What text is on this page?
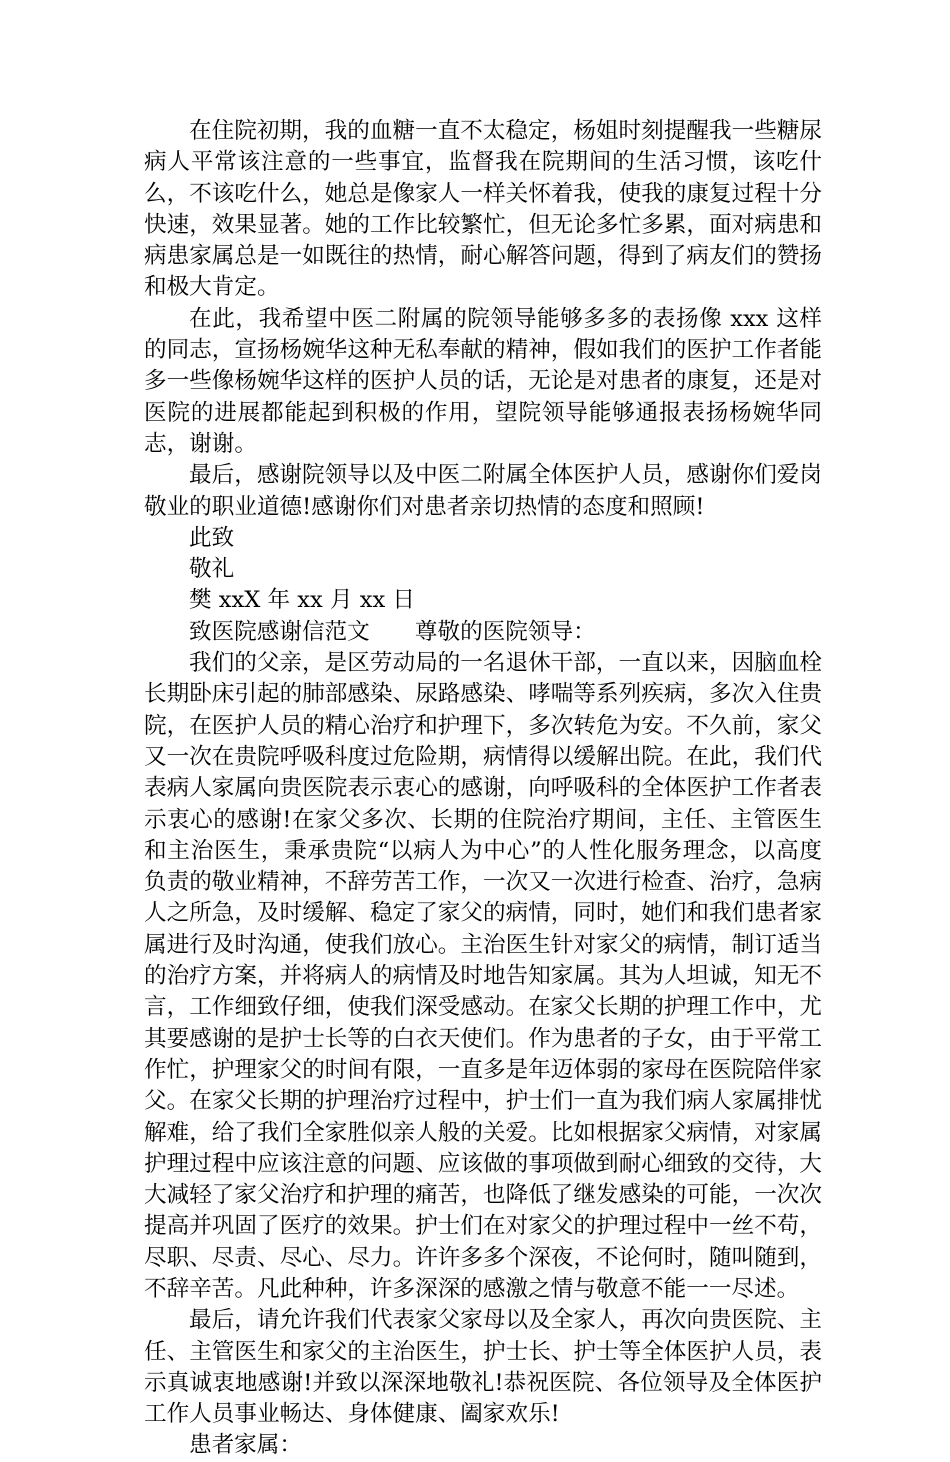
在住院初期，我的血糖一直不太稳定，杨姐时刻提醒我一些糖尿病人平常该注意的一些事宜，监督我在院期间的生活习惯，该吃什么，不该吃什么，她总是像家人一样关怀着我，使我的康复过程十分快速，效果显著。她的工作比较繁忙，但无论多忙多累，面对病患和病患家属总是一如既往的热情，耐心解答问题，得到了病友们的赞扬和极大肯定。

在此，我希望中医二附属的院领导能够多多的表扬像 xxx 这样的同志，宣扬杨婉华这种无私奉献的精神，假如我们的医护工作者能多一些像杨婉华这样的医护人员的话，无论是对患者的康复，还是对医院的进展都能起到积极的作用，望院领导能够通报表扬杨婉华同志，谢谢。

最后，感谢院领导以及中医二附属全体医护人员，感谢你们爱岗敬业的职业道德!感谢你们对患者亲切热情的态度和照顾!

此致

敬礼

樊 xxX 年 xx 月 xx 日

致医院感谢信范文　　尊敬的医院领导：

我们的父亲，是区劳动局的一名退休干部，一直以来，因脑血栓长期卧床引起的肺部感染、尿路感染、哮喘等系列疾病，多次入住贵院，在医护人员的精心治疗和护理下，多次转危为安。不久前，家父又一次在贵院呼吸科度过危险期，病情得以缓解出院。在此，我们代表病人家属向贵医院表示衷心的感谢，向呼吸科的全体医护工作者表示衷心的感谢!在家父多次、长期的住院治疗期间，主任、主管医生和主治医生，秉承贵院“以病人为中心”的人性化服务理念，以高度负责的敬业精神，不辞劳苦工作，一次又一次进行检查、治疗，急病人之所急，及时缓解、稳定了家父的病情，同时，她们和我们患者家属进行及时沟通，使我们放心。主治医生针对家父的病情，制订适当的治疗方案，并将病人的病情及时地告知家属。其为人坦诚，知无不言，工作细致仔细，使我们深受感动。在家父长期的护理工作中，尤其要感谢的是护士长等的白衣天使们。作为患者的子女，由于平常工作忙，护理家父的时间有限，一直多是年迈体弱的家母在医院陪伴家父。在家父长期的护理治疗过程中，护士们一直为我们病人家属排忧解难，给了我们全家胜似亲人般的关爱。比如根据家父病情，对家属护理过程中应该注意的问题、应该做的事项做到耐心细致的交待，大大减轻了家父治疗和护理的痛苦，也降低了继发感染的可能，一次次提高并巩固了医疗的效果。护士们在对家父的护理过程中一丝不苟，尽职、尽责、尽心、尽力。许许多多个深夜，不论何时，随叫随到，不辞辛苦。凡此种种，许多深深的感激之情与敬意不能一一尽述。

最后，请允许我们代表家父家母以及全家人，再次向贵医院、主任、主管医生和家父的主治医生，护士长、护士等全体医护人员，表示真诚衷地感谢!并致以深深地敬礼!恭祝医院、各位领导及全体医护工作人员事业畅达、身体健康、阖家欢乐!

患者家属：
